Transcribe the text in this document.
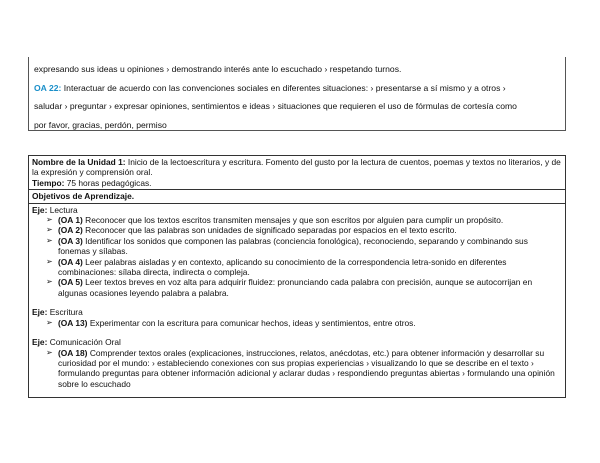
expresando sus ideas u opiniones › demostrando interés ante lo escuchado › respetando turnos.
OA 22: Interactuar de acuerdo con las convenciones sociales en diferentes situaciones: › presentarse a sí mismo y a otros ›
saludar › preguntar › expresar opiniones, sentimientos e ideas › situaciones que requieren el uso de fórmulas de cortesía como
por favor, gracias, perdón, permiso
Nombre de la Unidad 1: Inicio de la lectoescritura y escritura. Fomento del gusto por la lectura de cuentos, poemas y textos no literarios, y de la expresión y comprensión oral.
Tiempo: 75 horas pedagógicas.
Objetivos de Aprendizaje.
Eje: Lectura
➢ (OA 1) Reconocer que los textos escritos transmiten mensajes y que son escritos por alguien para cumplir un propósito.
➢ (OA 2) Reconocer que las palabras son unidades de significado separadas por espacios en el texto escrito.
➢ (OA 3) Identificar los sonidos que componen las palabras (conciencia fonológica), reconociendo, separando y combinando sus fonemas y sílabas.
➢ (OA 4) Leer palabras aisladas y en contexto, aplicando su conocimiento de la correspondencia letra-sonido en diferentes combinaciones: sílaba directa, indirecta o compleja.
➢ (OA 5) Leer textos breves en voz alta para adquirir fluidez: pronunciando cada palabra con precisión, aunque se autocorrijan en algunas ocasiones leyendo palabra a palabra.
Eje: Escritura
➢ (OA 13) Experimentar con la escritura para comunicar hechos, ideas y sentimientos, entre otros.
Eje: Comunicación Oral
➢ (OA 18) Comprender textos orales (explicaciones, instrucciones, relatos, anécdotas, etc.) para obtener información y desarrollar su curiosidad por el mundo: › estableciendo conexiones con sus propias experiencias › visualizando lo que se describe en el texto › formulando preguntas para obtener información adicional y aclarar dudas › respondiendo preguntas abiertas › formulando una opinión sobre lo escuchado
